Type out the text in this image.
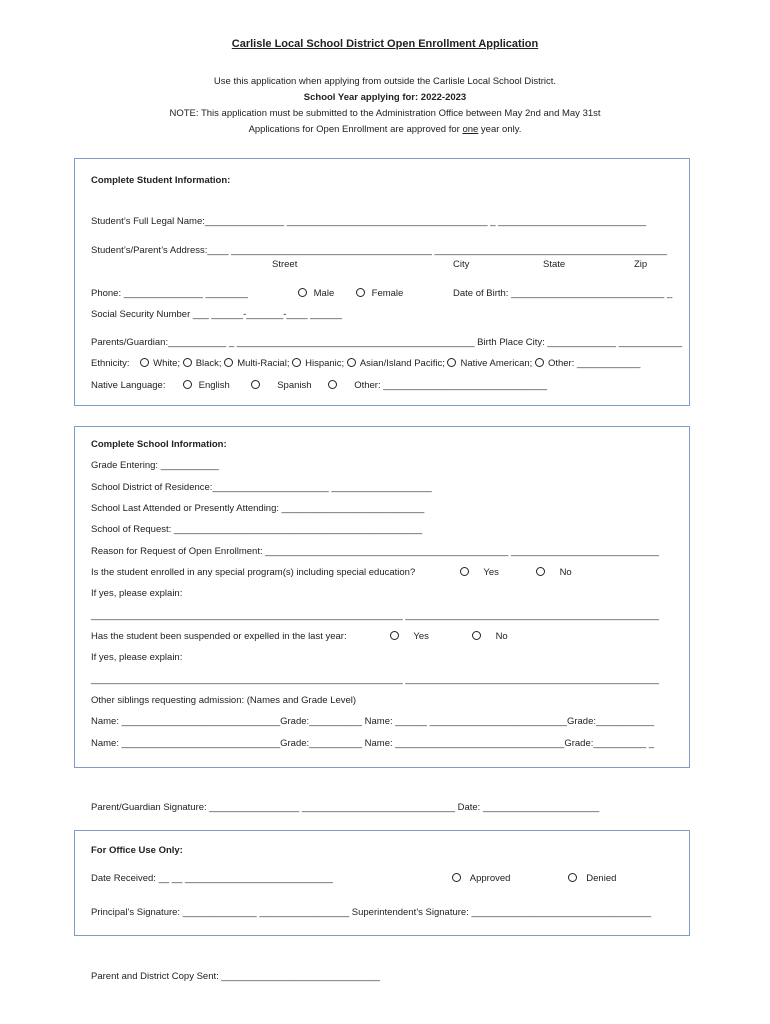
Carlisle Local School District Open Enrollment Application
Use this application when applying from outside the Carlisle Local School District.
School Year applying for: 2022-2023
NOTE: This application must be submitted to the Administration Office between May 2nd and May 31st
Applications for Open Enrollment are approved for one year only.
Complete Student Information:
Student’s Full Legal Name:_______________ ______________________________________ _ ____________________________
Student’s/Parent’s Address:____ ______________________________________ ____________________________________________
Street	City	State	Zip
Phone: _______________ ________	Male	Female	Date of Birth: _____________________________ _
Social Security Number ___ ______-_______-____ ______
Parents/Guardian:___________ _ _____________________________________________ Birth Place City: _____________ ____________
Ethnicity: White; Black; Multi-Racial; Hispanic; Asian/Island Pacific; Native American; Other: ____________
Native Language:	English	Spanish	Other: _______________________________
Complete School Information:
Grade Entering: ___________
School District of Residence:______________________ ___________________
School Last Attended or Presently Attending: ___________________________
School of Request: _______________________________________________
Reason for Request of Open Enrollment: ______________________________________________ ____________________________
Is the student enrolled in any special program(s) including special education?	Yes	No
If yes, please explain:
___________________________________________________________ ________________________________________________
Has the student been suspended or expelled in the last year:	Yes	No
If yes, please explain:
___________________________________________________________ ________________________________________________
Other siblings requesting admission: (Names and Grade Level)
Name: ______________________________Grade:__________ Name: ______ __________________________Grade:___________
Name: ______________________________Grade:__________ Name: ________________________________Grade:__________ _
Parent/Guardian Signature: _________________ _____________________________ Date: ______________________
For Office Use Only:
Date Received: __ __ ____________________________	Approved	Denied
Principal’s Signature: ______________ _________________ Superintendent’s Signature: __________________________________
Parent and District Copy Sent: ______________________________
